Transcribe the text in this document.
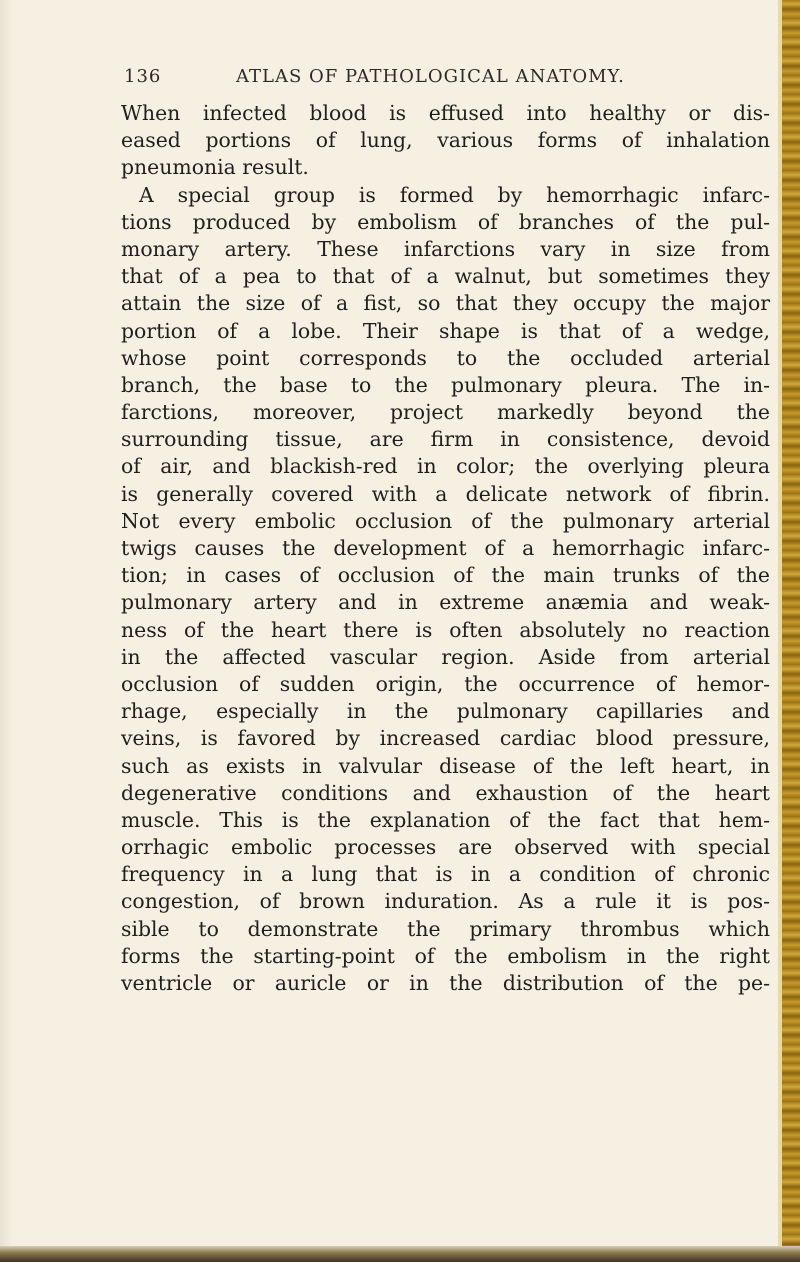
136	ATLAS OF PATHOLOGICAL ANATOMY.
When infected blood is effused into healthy or dis-
eased portions of lung, various forms of inhalation
pneumonia result.
A special group is formed by hemorrhagic infarc-
tions produced by embolism of branches of the pul-
monary artery. These infarctions vary in size from
that of a pea to that of a walnut, but sometimes they
attain the size of a fist, so that they occupy the major
portion of a lobe. Their shape is that of a wedge,
whose point corresponds to the occluded arterial
branch, the base to the pulmonary pleura. The in-
farctions, moreover, project markedly beyond the
surrounding tissue, are firm in consistence, devoid
of air, and blackish-red in color; the overlying pleura
is generally covered with a delicate network of fibrin.
Not every embolic occlusion of the pulmonary arterial
twigs causes the development of a hemorrhagic infarc-
tion; in cases of occlusion of the main trunks of the
pulmonary artery and in extreme anæmia and weak-
ness of the heart there is often absolutely no reaction
in the affected vascular region. Aside from arterial
occlusion of sudden origin, the occurrence of hemor-
rhage, especially in the pulmonary capillaries and
veins, is favored by increased cardiac blood pressure,
such as exists in valvular disease of the left heart, in
degenerative conditions and exhaustion of the heart
muscle. This is the explanation of the fact that hem-
orrhagic embolic processes are observed with special
frequency in a lung that is in a condition of chronic
congestion, of brown induration. As a rule it is pos-
sible to demonstrate the primary thrombus which
forms the starting-point of the embolism in the right
ventricle or auricle or in the distribution of the pe-
